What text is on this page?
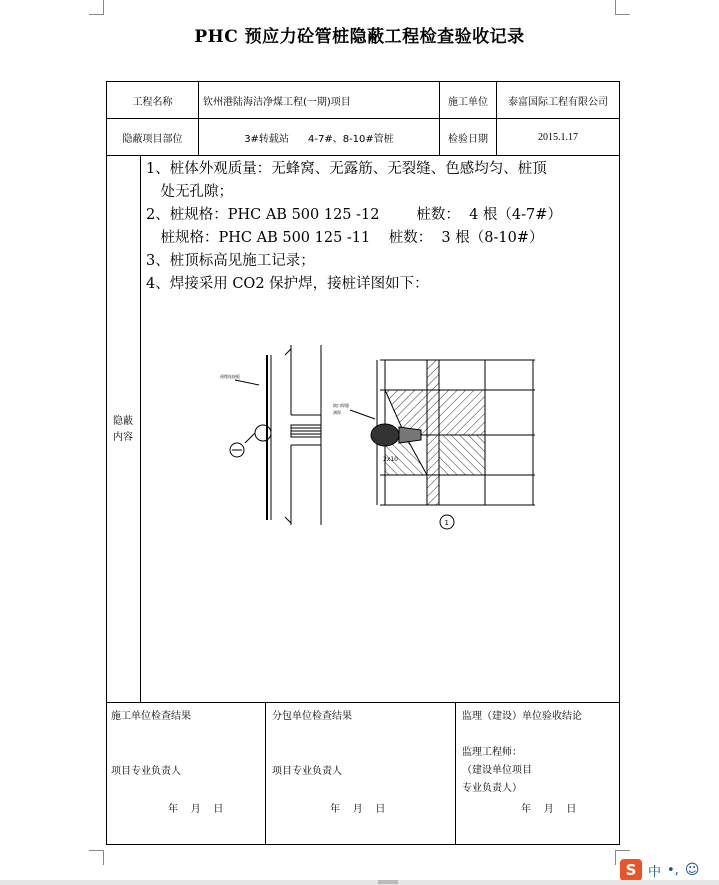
PHC 预应力砼管桩隐蔽工程检查验收记录
工程名称	钦州港陆海洁净煤工程(一期)项目	施工单位	泰富国际工程有限公司
隐蔽项目部位	3#转载站      4-7#、8-10#管桩	检验日期	2015.1.17
隐蔽
内容
1、桩体外观质量：无蜂窝、无露筋、无裂缝、色感均匀、桩顶
　处无孔隙；
2、桩规格：PHC AB 500 125 -12        桩数：  4 根（4-7#）
　桩规格：PHC AB 500 125 -11    桩数：  3 根（8-10#）
3、桩顶标高见施工记录；
4、焊接采用 CO2 保护焊，接桩详图如下：
预埋连接板
坡口焊缝
满焊
2x10
1
施工单位检查结果
项目专业负责人
年    月    日
分包单位检查结果
项目专业负责人
年    月    日
监理（建设）单位验收结论
监理工程师：
（建设单位项目
专业负责人）
年    月    日
S 中 •, ☺
